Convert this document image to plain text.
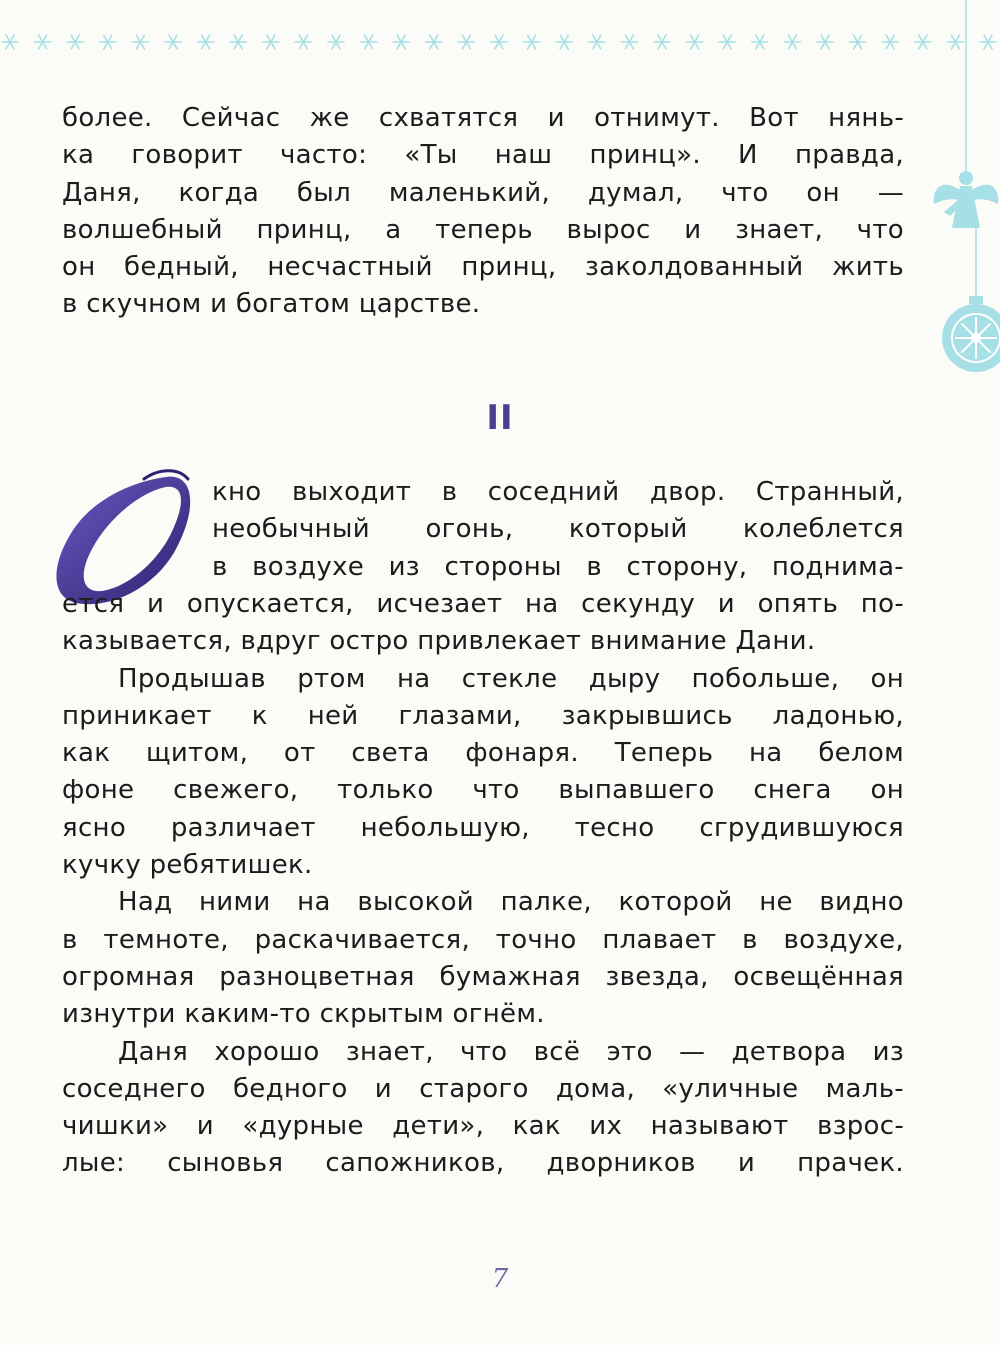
более. Сейчас же схватятся и отнимут. Вот нянь-
ка говорит часто: «Ты наш принц». И правда,
Даня, когда был маленький, думал, что он —
волшебный принц, а теперь вырос и знает, что
он бедный, несчастный принц, заколдованный жить
в скучном и богатом царстве.
II
О
кно выходит в соседний двор. Странный,
необычный огонь, который колеблется
в воздухе из стороны в сторону, поднима-
ется и опускается, исчезает на секунду и опять по-
казывается, вдруг остро привлекает внимание Дани.
Продышав ртом на стекле дыру побольше, он
приникает к ней глазами, закрывшись ладонью,
как щитом, от света фонаря. Теперь на белом
фоне свежего, только что выпавшего снега он
ясно различает небольшую, тесно сгрудившуюся
кучку ребятишек.
Над ними на высокой палке, которой не видно
в темноте, раскачивается, точно плавает в воздухе,
огромная разноцветная бумажная звезда, освещённая
изнутри каким-то скрытым огнём.
Даня хорошо знает, что всё это — детвора из
соседнего бедного и старого дома, «уличные маль-
чишки» и «дурные дети», как их называют взрос-
лые: сыновья сапожников, дворников и прачек.
7
